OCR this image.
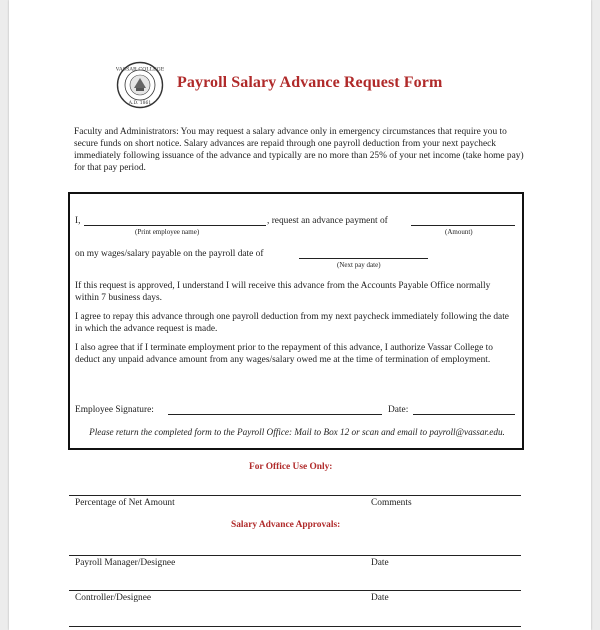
VASSAR COLLEGE
A.D. 1861
Payroll Salary Advance Request Form
Faculty and Administrators: You may request a salary advance only in emergency circumstances that require you to secure funds on short notice. Salary advances are repaid through one payroll deduction from your next paycheck immediately following issuance of the advance and typically are no more than 25% of your net income (take home pay) for that pay period.
I,	, request an advance payment of
(Print employee name)	(Amount)
on my wages/salary payable on the payroll date of
(Next pay date)
If this request is approved, I understand I will receive this advance from the Accounts Payable Office normally within 7 business days.
I agree to repay this advance through one payroll deduction from my next paycheck immediately following the date in which the advance request is made.
I also agree that if I terminate employment prior to the repayment of this advance, I authorize Vassar College to deduct any unpaid advance amount from any wages/salary owed me at the time of termination of employment.
Employee Signature:	Date:
Please return the completed form to the Payroll Office: Mail to Box 12 or scan and email to payroll@vassar.edu.
For Office Use Only:
Percentage of Net Amount	Comments
Salary Advance Approvals:
Payroll Manager/Designee	Date
Controller/Designee	Date
